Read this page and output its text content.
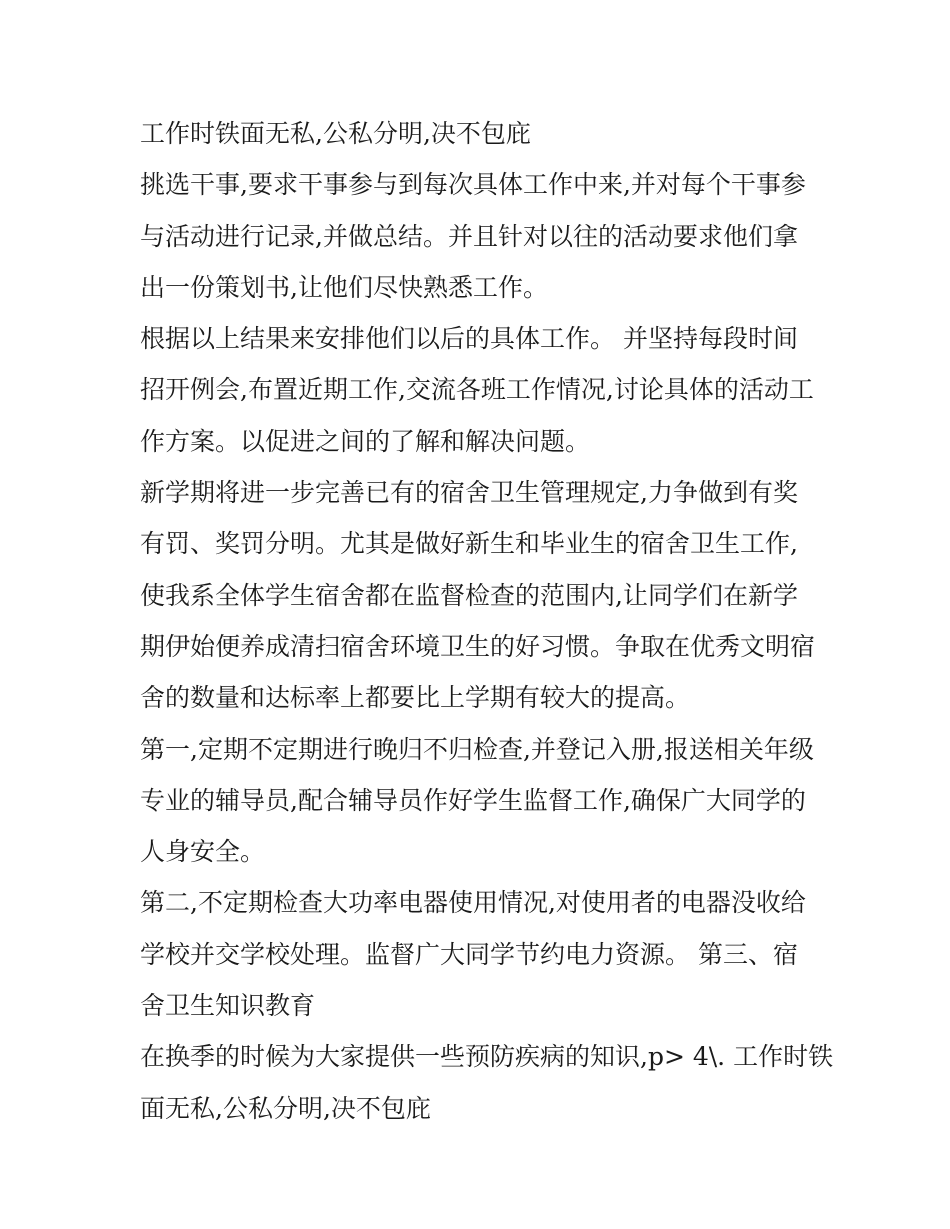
工作时铁面无私,公私分明,决不包庇

挑选干事,要求干事参与到每次具体工作中来,并对每个干事参
与活动进行记录,并做总结。并且针对以往的活动要求他们拿
出一份策划书,让他们尽快熟悉工作。

根据以上结果来安排他们以后的具体工作。 并坚持每段时间
招开例会,布置近期工作,交流各班工作情况,讨论具体的活动工
作方案。以促进之间的了解和解决问题。

新学期将进一步完善已有的宿舍卫生管理规定,力争做到有奖
有罚、奖罚分明。尤其是做好新生和毕业生的宿舍卫生工作,
使我系全体学生宿舍都在监督检查的范围内,让同学们在新学
期伊始便养成清扫宿舍环境卫生的好习惯。争取在优秀文明宿
舍的数量和达标率上都要比上学期有较大的提高。

第一,定期不定期进行晚归不归检查,并登记入册,报送相关年级
专业的辅导员,配合辅导员作好学生监督工作,确保广大同学的
人身安全。

第二,不定期检查大功率电器使用情况,对使用者的电器没收给
学校并交学校处理。监督广大同学节约电力资源。 第三、宿
舍卫生知识教育

在换季的时候为大家提供一些预防疾病的知识,p> 4\. 工作时铁
面无私,公私分明,决不包庇
